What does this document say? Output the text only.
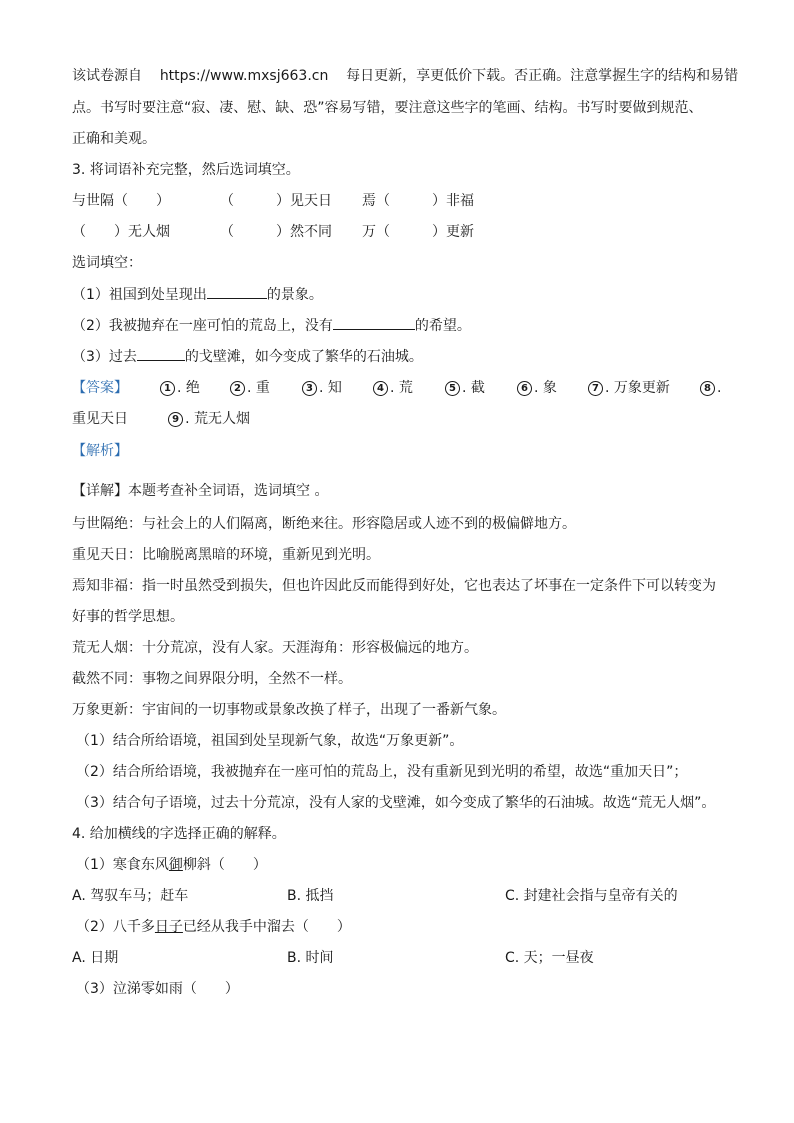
该试卷源自 https://www.mxsj663.cn 每日更新，享更低价下载。否正确。注意掌握生字的结构和易错
点。书写时要注意“寂、凄、慰、缺、恐”容易写错，要注意这些字的笔画、结构。书写时要做到规范、
正确和美观。
3. 将词语补充完整，然后选词填空。
与世隔（　　）	（　　　）见天日 焉（　　　）非福
（　　）无人烟	（　　　）然不同 万（　　　）更新
选词填空：
（1）祖国到处呈现出	的景象。
（2）我被抛弃在一座可怕的荒岛上，没有	的希望。
（3）过去	的戈壁滩，如今变成了繁华的石油城。
【答案】	1 . 绝	2 . 重	3 . 知	4 . 荒	5 . 截	6 . 象	7 . 万象更新	8 .
重见天日	9 . 荒无人烟
【解析】
【详解】本题考查补全词语，选词填空 。
与世隔绝：与社会上的人们隔离，断绝来往。形容隐居或人迹不到的极偏僻地方。
重见天日：比喻脱离黑暗的环境，重新见到光明。
焉知非福：指一时虽然受到损失，但也许因此反而能得到好处，它也表达了坏事在一定条件下可以转变为
好事的哲学思想。
荒无人烟：十分荒凉，没有人家。天涯海角：形容极偏远的地方。
截然不同：事物之间界限分明，全然不一样。
万象更新：宇宙间的一切事物或景象改换了样子，出现了一番新气象。
（1）结合所给语境，祖国到处呈现新气象，故选“万象更新”。
（2）结合所给语境，我被抛弃在一座可怕的荒岛上，没有重新见到光明的希望，故选“重加天日”；
（3）结合句子语境，过去十分荒凉，没有人家的戈壁滩，如今变成了繁华的石油城。故选“荒无人烟”。
4. 给加横线的字选择正确的解释。
（1）寒食东风御柳斜（　　）
A. 驾驭车马；赶车	B. 抵挡	C. 封建社会指与皇帝有关的
（2）八千多日子已经从我手中溜去（　　）
A. 日期	B. 时间	C. 天；一昼夜
（3）泣涕零如雨（　　）
